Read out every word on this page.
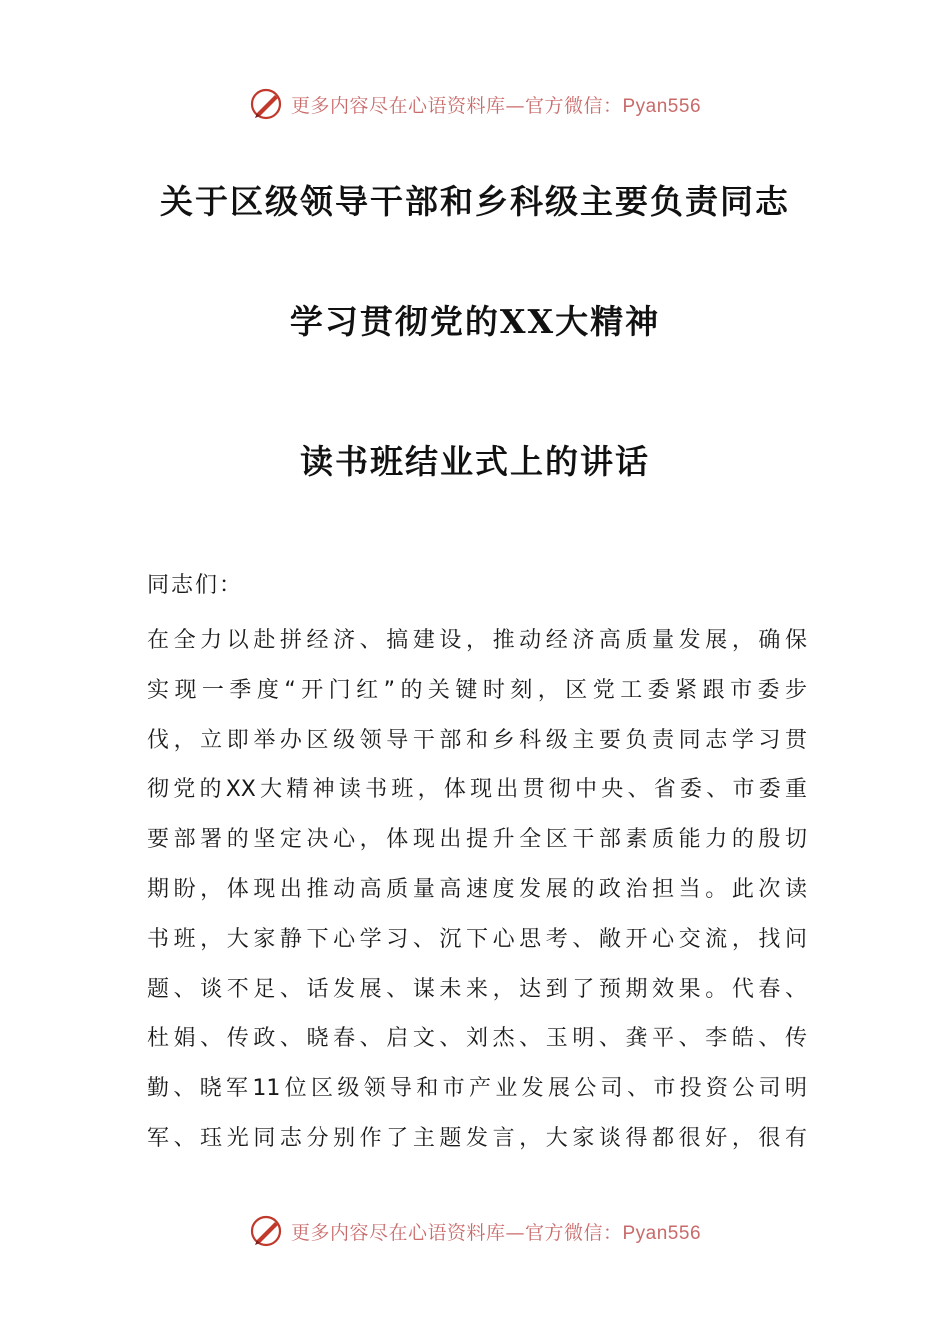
更多内容尽在心语资料库—官方微信：Pyan556
关于区级领导干部和乡科级主要负责同志
学习贯彻党的XX大精神
读书班结业式上的讲话
同志们：
在全力以赴拼经济、搞建设，推动经济高质量发展，确保
实现一季度“开门红”的关键时刻，区党工委紧跟市委步
伐，立即举办区级领导干部和乡科级主要负责同志学习贯
彻党的XX大精神读书班，体现出贯彻中央、省委、市委重
要部署的坚定决心，体现出提升全区干部素质能力的殷切
期盼，体现出推动高质量高速度发展的政治担当。此次读
书班，大家静下心学习、沉下心思考、敞开心交流，找问
题、谈不足、话发展、谋未来，达到了预期效果。代春、
杜娟、传政、晓春、启文、刘杰、玉明、龚平、李皓、传
勤、晓军11位区级领导和市产业发展公司、市投资公司明
军、珏光同志分别作了主题发言，大家谈得都很好，很有
更多内容尽在心语资料库—官方微信：Pyan556
